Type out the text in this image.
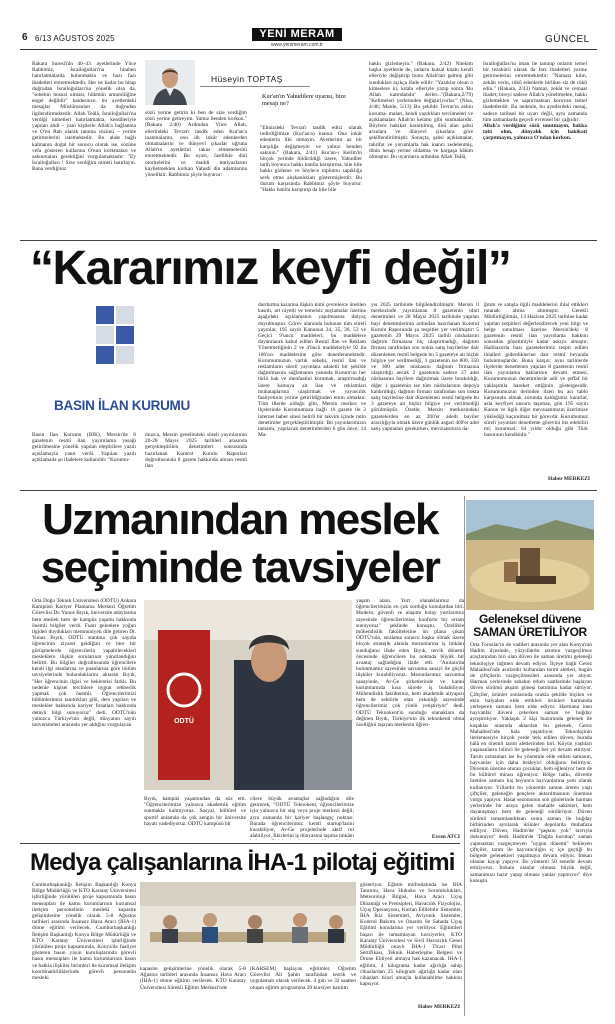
6 6/13 AĞUSTOS 2025	YENİ MERAM
www.yenimeram.com.tr	GÜNCEL
Bakara Suresi'nin 40–43. ayetlerinde Yüce Rabbimiz, İsrailoğulları'na hitaben hatırlatmalarda bulunmakta ve bazı fazı ibadetleri emretmektedir. Her ne kadar bu hitap doğrudan İsrailoğulları'na yönelik olsa da, "sebebin hususi olması, hükmün umumiliğine engel değildir" kaidesince, bu ayetlerdeki mesajlar Müslümanları da doğrudan ilgilendirmektedir. Allah Teâlâ, İsrailoğulları'na verdiği nimetleri hatırlatmakta, kendileriyle yapılan ahdi – yani kişilerle Allah'a bağlanma ve O'nu Rab olarak tanıma sözünü – yerine getirmelerini istemektedir. Bu ahde bağlı kalmanın doğal bir sonucu olarak ise, sözüne vefa gösteren kullarına O'nun korkmaları ve sakınmaları gerektiğini vurgulamaktadır: "Ey İsrailoğulları ! Size verdiğim nimeti hatırlayın. Bana verdiğiniz
Hüseyin TOPTAŞ
Kur'an'ın Yahudilere uyarısı, bize mesajı ne?
sözü yerine getirin ki ben de size verdiğim sözü yerine getireyim. Yalnız benden korkun." (Bakara 2/40) Ardından Yüce Allah, ellerindeki Tevrat'ı tasdik eden Kur'an'a inanmalarını, onu ilk inkâr edenlerden olmamalarını ve dünyevî çıkarlar uğruna Allah'ın ayetlerini takas etmemelerini emretmektedir. Bu uyarı, özellikle dinî otoritelerini ve maddi imtiyazlarını kaybetmekten korkan Yahudi din adamlarına yöneliktir. Rabbimiz şöyle buyurur:
"Elinizdeki Tevrat'ı tasdik edici olarak indirdiğimize (Kur'an'a) inanın. Ona inkâr edenlerin ilki olmayın. Ayetlerimi az bir karşılığa değişmeyin ve yalnız benden sakının." (Bakara, 2/41) Kur'an-ı Kerim'in birçok yerinde bildirildiği üzere, Yahudiler tarih boyunca hakkı batılla karıştırma, bile bile hakkı gizleme ve böylece toplumu sapıklığa sevk etme alışkanlıkları göstermişlerdir. Bu durum karşısında Rabbimiz şöyle buyurur: "Hakkı batılla karıştırıp da bile bile
hakkı gizlemeyin." (Bakara, 2/42) Nitekim başka ayetlerde de, onların kutsal kitabı kendi elleriyle değiştirip bunu Allah'tan gelmiş gibi sundukları açıkça ifade edilir: "Yazıklar olsun o kimselere ki, kitabı elleriyle yazıp sonra 'Bu Allah katındandır' derler..."(Bakara,2/79) "Kelimeleri yerlerinden değiştiriyorlar." (Nisa, 4/46; Maide, 5/13) Bu şekilde Tevrat'ın aslını koruma- maları, kendi yazdıkları tercümeleri ve açıklamaları Allah'ın kelamı gibi sunmalarıdır. Böylece hakikat karartılmış, dinî alan şahsi arzulara ve dünyevî çıkarlara göre şekillendirilmiştir. Sonuçta, şahsi açıklamalar, tahrifat ve yorumlarla hak inancı zedelenmiş, dinin hesap yerine oldatma ve kargaşa hâkim olmuştur. Bu uyarıların ardından Allah Teâlâ,
İsrailoğulları'nı iman ile tanınıp onların temel bir tezahürü olarak da farz ibadetleri yerine getirmelerini emretmektedir: "Namazı kılın, zekâtı verin, rükû edenlerle birlikte siz de rükû edin." (Bakara, 2/43) Namaz, zekât ve cemaat ibadet; bireyi sadece Allah'a yöneltmekte, hakkı gizlemekten ve saptırmaktan koruyan temel ibadetlerdir. Bu nedenle, bu ayetlerdeki mesaj, sadece tarihsel bir uyarı değil, aynı zamanda tüm zamanlarda geçerli evrensel bir çağrıdır:
Allah'a verdiğiniz sözü unutmayın, hakka tabi olun, dünyalık için hakikati çarpıtmayın, yalnızca O'ndan korkun.
“Kararımız keyfi değil”
BASIN İLAN KURUMU
Basın İlan Kurumu (BİK), Mersin'de 8 gazetenin resmî ilan yayımlama yasağı getirilmesine yönelik yapılan eleştirilere yazılı açıklamayla yanıt verdi. Yapılan yazılı açıklamada şu ifadelere kullanıldı: "Kurumu-
muzca, Mersin genelindeki süreli yayınlarının 20-28 Mayıs 2025 tarihleri arasında gerçekleştirilen denetimleri sonrasında hazırlanan Kontrol Kurulu Raporları doğrultusunda 8 gazete hakkında alınan resmî ilan
durdurma kararına ilişkin kimi çevrelerce üretilen kasıtlı, art niyetli ve temelsiz suçlamalar üzerine aşağıdaki açıklamanın yapılmasına ihtiyaç duyulmuştur. Görev alanında bulunan tüm süreli yayınlar, 195 sayılı Kanunun 34, 35, 36, 53 ve Geçici 9'uncu maddeleri; bu maddelere dayanılarak kabul edilen Resmî İlan ve Reklam Yönetmeliğinin 2 ve 4'üncü maddeleriyle 92 ila 106'ncı maddelerine göre denetlenmektedir. Kurumumuzun varlık sebebi, resmî ilan ve reklamların süreli yayınlara adaletli bir şekilde dağıtılmasını sağlamanın yanında Kurum'un her türlü hak ve menfaatini korumak, araştırmadığı üzere kamuya ait ilan ve reklamları muhataplarına ulaştırmak ve yayıncılık faaliyetinin yerine getirildiğinden emin olmaktır. Tüm illerde olduğu gibi, Mersin merkez ve ilçelerinde Kurumumuza bağlı 16 gazete ile 3 internet haber sitesi belirli bir takvim içinde rutin denetimler gerçekleştirilmiştir. Bu yayınlarımızın tamamı, yapılacak denetimlerden 6 gün önce, 14 Ma-
yıs 2025 tarihinde bilgilendirilmiştir. Mersin il merkezinde yayımlanan 8 gazetenin idari denetimleri ve 28 Mayıs 2025 tarihinde yapılan bayi denetimlerinin ardından hazırlanan Kontrol Kurulu Raporunda şu tespitler yer verilmiştir: 5 gazetenin 29 Mayıs 2025 tarihli nüshalarını dağıtım firmasına hiç ulaştırmadığı, dağıtım firması tarafından son nokta satış bayilerine dair düzenlenen resmî belgede bu 5 gazeteye ait hiçbir bilgiye yer verilmediği, 3 gazetenin ise 800, 350 ve 300 adet nüshasını dağıtım firmasına ulaştırdığı ancak 2 gazetenin sadece 27 adet nüshasının bayilere dağıtılmak üzere bırakıldığı, diğer 1 gazetenin ise tüm nüshalarının depoya kaldırıldığı, dağıtım firması tarafından son nokta satış bayilerine dair düzenlenen resmî belgede bu 3 gazeteye ait hiçbir bilgiye yer verilmediği görülmüştür. Özetle; Mersin merkezindeki gazetelerden en az 200'er adedi bayiler aracılığıyla olmak üzere günlük asgari 400'er adet satış yapmaları gerekirken, mevzuatımıza da-
ğıtım ve satışla ilgili maddelerini ihlal ettikleri tutanak altına alınmıştır. Gerekli Müdürlüğümüz, 13 Haziran 2025 tarihine kadar yapılan tespitleri değerlendirecek yeni bilgi ve belge sunulması üzerine Mersin'deki 8 gazetenin resmî ilan yayınlama hakkını sonradan gözetimiyle kadar askıya almıştır. Halihazırda bazı gazetelerimiz tespit edilen ihlalleri giderdiklerine dair resmî beyanda bulunmuşlardır. Buna karşın; aynı tarihlerde ilçelerde denetlenen yapılan 8 gazetenin resmî ilan yayınlama haklarının devam etmesi, Kurumumuzun denetimlerde adil ve şeffaf bir yaklaşımla hareket ettiğinin göstergesidir. Kurumumuzun derinden ilzen bu acı tablo karşısında almak zorunda kaldığımız kararlar, asla keyfiyet unsuru taşımaz, gün 195 sayılı Kanun ve ilgili diğer mevzuatımızın üzerimize yüklediği kaçınılmaz bir görevdir. Kurumumuz süreli yayınları denetleme görevini itis edebiliri mi; kurumsal; 64 yıldır olduğu gibi Türk basınının kendisidir."
Haber MERKEZİ
Uzmanından meslek
seçiminde tavsiyeler
Orta Doğu Teknik Üniversitesi (ODTÜ) Ankara Kampüsü Kariyer Planlama Merkezi Öğretim Görevlisi Dr. Yunus Bıyık, üniversite adaylarına hem meslek hem de kampüs yaşamı hakkında önemli bilgiler verdi. Fuarı gelenlere yoğun ilgiden duydukları memnuniyeti dile getiren Dr. Yunus Bıyık, ODTÜ stantına çok sayıda öğrencinin ziyaret geldiğini ve bire bir görüşmelerde öğrencilerin yapabilecekleri mesleklere ilişkin sorularının yanıtlandığını belirtti. Bu bilgiler doğrultusunda öğrencilere kendi ilgi alanlarına ve puanlarına göre bölüm tavsiyelerinde bulunduklarını aktaran Bıyık, "Her öğrencinin ilgisi ve beklentisi farklı. Bu nedenle kişisel tercihlere uygun rehberlik yapmak çok önemli. Öğrencilerimizi bölümlerimizi tanıttıkları gibi, ders yapıları ve meslekler hakkında kariyer fırsatları hakkında detaylı bilgi sunuyoruz" dedi. ODTÜ'nün yalnızca Türkiye'nin değil, dünyanın sayılı üniversiteleri arasında yer aldığını vurgulayan
ODTÜ
Bıyık, kampüs yaşamından da söz etti. "Öğrencilerimize yalnızca akademik eğitim sunmakla kalmıyoruz. Sosyal, kültürel ve sportif anlamda da çok zengin bir üniversite hayatı vadediyoruz. ODTÜ kampüsü bir
yaşam alanı. Yurt olanaklarımız da öğrencilerimizin en çok sorduğu konulardan biri. Modern, güvenli ve ulaşımı kolay yurtlarımız sayesinde öğrencilerimize konforlu bir ortam sunuyoruz" şeklinde konuştu. Özellikle mühendislik fakültelerine ön plana çıkan ODTÜ'nün, sıralama sonucu başka olmak üzere birçok stratejik alanda mezunlarına iş imkânı sunduğunu ifade eden Bıyık, tercih dönemi öncesinde öğrencilere bu noktada büyük bir avantaj sağladığını ifade etti. "Anılara'da bulunmamız sayesinde savunma sanayi ile güçlü ilişkiler kurabiliyoruz. Mezunlarımız savunma sanayinde, Ar-Ge şirketlerinde ve kamu kurumlarında kısa sürede iş bulabiliyor. Mühendislik fakültemiz, hem akademik altyapısı hem de sektörle olan yakınlığı sayesinde öğrencilerimiz çok yönlü yetiştiriyor" dedi. ODTÜ Teknokent'in sunduğu olanaklara da değinen Bıyık, Türkiye'nin ilk teknokenti olma özelliğini taşıyan merkezin öğren-
Geleneksel düvene
SAMAN ÜRETİLİYOR
Orta Toroslar'ın de vadileri arasında yer alan Konya'nın Hadim ilçesinde, yüzyıllardır tarımın vazgeçilmez araçlarından biri olan düven ile saman üretimi geleneği teknolojiye rağmen devam ediyor. İlçeye bağlı Gerez Mahallesi'nde asırlardır kullanılan tarım aletleri, bugün de çiftçilerin vazgeçilmezleri arasında yer alıyor. Harman yerlerinde sabahın erken saatlerinde başlayan düven sürümü akşam güneşi batımına kadar sürüyor. Çiftçiler, ürünler sonlarında orakla şekilde biçilen ve ekin balyaları elde ettikleri ürünleri harmanda yerleşerek samanı hem elde ediyor. Harmana inen hayvanlar düveni çekerken saman ve buğday ayrıştırılıyor. Yaklaşık 2 kişi huzurunda gelenek ile kuşaklar arasında aktarılan bu gelenek, Gerez Mahallesi'nde hala yaşatılıyor. Teknolojinin ilerlemesiyle birçok yerde terk edilen düven, burada hâlâ en önemli tarım aletlerinden biri. Köyün yaşlıları yaşananların bilinci ile geleneği her yıl devam ettiriyor. Tarım uzmanları ise bu yöntemle elde edilen samanın, hayvanlar için daha besleyici olduğunu belirtiyor. Düvenin üzerine oturan çocuklar, hem eğleniyor hem de bu kültürel mirası öğreniyor. Bölge halkı, düvenle üretilen samanı kış boyunca hayvanlarına yem olarak kullanıyor. Yıllardır bu yöntemle saman üreten yaşlı çiftçiler, geleneğin gençlere aktarılmasının önemine vurgu yapıyor. Hasat sezonunun son günlerinde harman yerlerinde bir araya gelen mahalle sakinleri, hem dayanışmayı hem de geleneği sürdürüyor. Düven sürümü tamamlandıktan sonra saman ile buğday birbirinden ayrılarak ürünler depolarda muhafaza ediliyor. Düven, Hadim'de "şaşkını yok" tavrıyla dokunuyor" dedi. Hadim'de "Dağda kurutup" saman yapmaktan vazgeçmeyen "uygun dönemi" bekleyen çiftçiler, tarım ile hayvancılığın iç içe geçtiği bu bölgede gelenekleri yaşatmaya devam ediyor. İmkan olanlar kayıp yapıyor. Bu yöntemi 50 senedir devam ettiriyoruz. İmkanı olanlar olmasa büyük değil, samanımızı hazır yapıp olmasa yanlar yapmıyor" diye konuştu.
Medya çalışanlarına İHA-1 pilotaj eğitimi
Cumhurbaşkanlığı İletişim Başkanlığı Konya Bölge Müdürlüğü ve KTO Karatay Üniversitesi işbirliğinde yürütülen proje kapsamında basın mensupları ile kamu kurumlarının kurumsal iletişim personelinin mesleki kapasite gelişimlerine yönelik olarak 5-8 Ağustos tarihleri arasında İnsansız Hava Aracı (İHA-1) drone eğitimi verilecek. Cumhurbaşkanlığı İletişim Başkanlığı Konya Bölge Müdürlüğü ve KTO Karatay Üniversitesi işbirliğinde yürütülen proje kapsamında, Konya'da faaliyet gösteren basın yayın kuruluşlarında görevli basın mensupları ile kamu kurumlarının basın ve halkla ilişkiler birimleri ile kurumsal iletişim koordinatörlüklerinde görevli personelin mesleki
kapasite gelişimlerine yönelik olarak 5-8 Ağustos tarihleri arasında İnsansız Hava Aracı (İHA-1) drone eğitimi verilecek. KTO Karatay Üniversitesi Sürekli Eğitim Merkezi'nde
(KARSEM) başlayan eğitimler, Öğretim Görevlisi Ali Şahin tarafından teorik ve uygulamalı olarak verilecek. 4 gün ve 32 saatten oluşan eğitim programına 20 kursiyer katılım
gösteriyor. Eğitim müfredatında ise İHA Tanıtımı, Hava Hukuku ve Sorumlulukları, Meteoroloji Bilgisi, Hava Aracı Uçuş Dinamiği ve Prensipleri, Havacılık Fizyolojisi, Uçuş Operasyonu, Kurtan Edilebilir Sistemler, İHA İkiz Sistemleri, Aviyonik Sistemler, Kontrol Bakımı ve Onarım ile Sahada Uçuş Eğitimi konularına yer veriliyor. Eğitimleri başarı ile tamamlayan kursiyerler, KTO Karatay Üniversitesi ve Sivil Havacılık Genel Müdürlüğü onaylı İHA-1 Ticari Pilot Sertifikası, Teknik Haberleşme Belgesi ve Drone Ehliyeti almaya hak kazanacak. İHA-1 eğitimi, 4 kilograma kadar ağırlığa sahip cihazlardan 25 kilogram ağırlığa kadar olan cihazları ticari amaçla kullanabilme hakkını kapsıyor.
Haber MERKEZİ
cilere büyük avantajlar sağladığını dile getirerek, "ODTÜ Teknokent, öğrencilerimize için yalnızca bir staj veya proje merkezi değil; aynı zamanda bir kariyer başlangıç noktası. Burada öğrencilerimiz kendi startup'larını kurabiliyor, Ar-Ge projelerinde aktif rol alabiliyor, fikirlerini iş dünyasına taşıma imkânı	Evren ATCI
